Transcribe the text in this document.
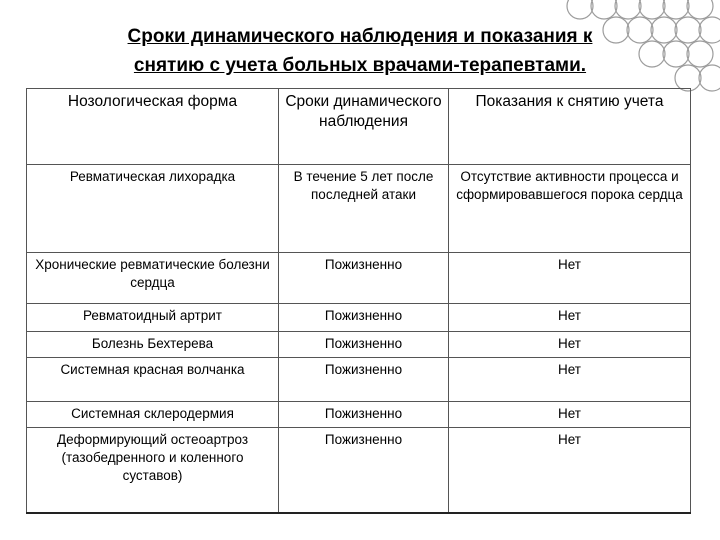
Сроки динамического наблюдения и показания к
снятию с учета больных врачами-терапевтами.
Нозологическая форма	Сроки динамического наблюдения	Показания к снятию учета
Ревматическая лихорадка	В течение 5 лет после последней атаки	Отсутствие активности процесса и сформировавшегося порока сердца
Хронические ревматические болезни сердца	Пожизненно	Нет
Ревматоидный артрит	Пожизненно	Нет
Болезнь Бехтерева	Пожизненно	Нет
Системная красная волчанка	Пожизненно	Нет
Системная склеродермия	Пожизненно	Нет
Деформирующий остеоартроз (тазобедренного и коленного суставов)	Пожизненно	Нет
